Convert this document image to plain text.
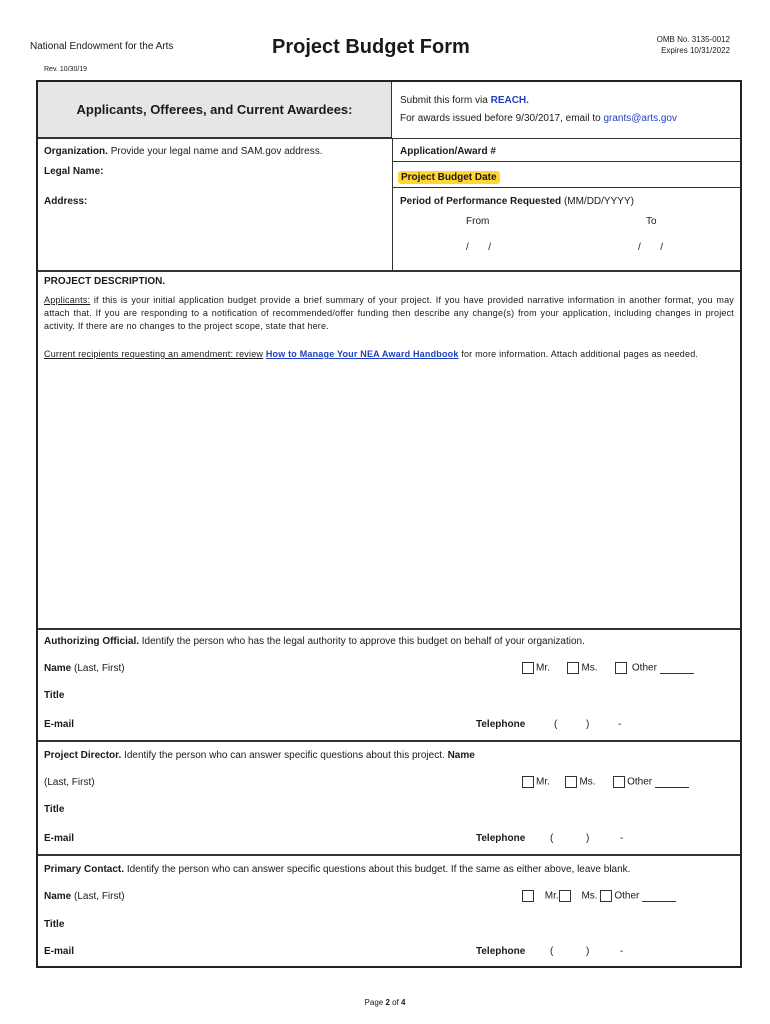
National Endowment for the Arts	Project Budget Form	OMB No. 3135-0012
Expires 10/31/2022
Rev. 10/30/19
Applicants, Offerees, and Current Awardees:
Submit this form via REACH.
For awards issued before 9/30/2017, email to grants@arts.gov
Organization. Provide your legal name and SAM.gov address.
Legal Name:
Address:
Application/Award #
Project Budget Date
Period of Performance Requested (MM/DD/YYYY)
From	To
/       /	/       /
PROJECT DESCRIPTION.
Applicants: if this is your initial application budget provide a brief summary of your project. If you have provided narrative information in another format, you may attach that. If you are responding to a notification of recommended/offer funding then describe any change(s) from your application, including changes in project activity. If there are no changes to the project scope, state that here.
Current recipients requesting an amendment: review How to Manage Your NEA Award Handbook for more information. Attach additional pages as needed.
Authorizing Official. Identify the person who has the legal authority to approve this budget on behalf of your organization.
Name (Last, First)	Mr.	Ms.	Other
Title
E-mail	Telephone	(	)	-
Project Director. Identify the person who can answer specific questions about this project. Name
(Last, First)	Mr.	Ms.	Other
Title
E-mail	Telephone (	)	-
Primary Contact. Identify the person who can answer specific questions about this budget. If the same as either above, leave blank.
Name (Last, First)	Mr. Ms. Other
Title
E-mail	Telephone (	)	-
Page 2 of 4
